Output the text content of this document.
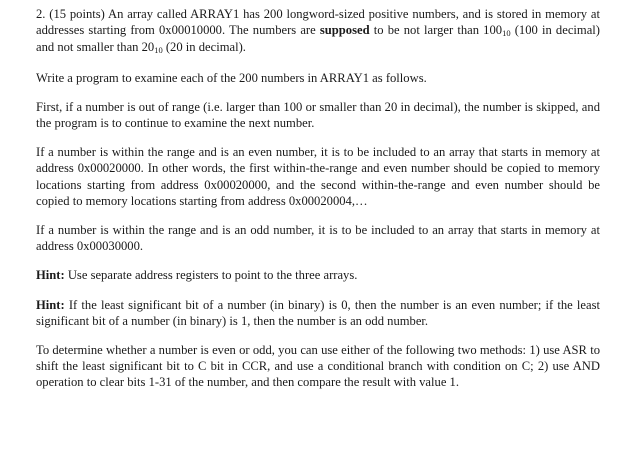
2. (15 points) An array called ARRAY1 has 200 longword-sized positive numbers, and is stored in memory at addresses starting from 0x00010000. The numbers are supposed to be not larger than $100_{10}$ (100 in decimal) and not smaller than $20_{10}$ (20 in decimal).

Write a program to examine each of the 200 numbers in ARRAY1 as follows.

First, if a number is out of range (i.e. larger than 100 or smaller than 20 in decimal), the number is skipped, and the program is to continue to examine the next number.

If a number is within the range and is an even number, it is to be included to an array that starts in memory at address 0x00020000. In other words, the first within-the-range and even number should be copied to memory locations starting from address 0x00020000, and the second within-the-range and even number should be copied to memory locations starting from address 0x00020004,…

If a number is within the range and is an odd number, it is to be included to an array that starts in memory at address 0x00030000.

Hint: Use separate address registers to point to the three arrays.

Hint: If the least significant bit of a number (in binary) is 0, then the number is an even number; if the least significant bit of a number (in binary) is 1, then the number is an odd number.

To determine whether a number is even or odd, you can use either of the following two methods: 1) use ASR to shift the least significant bit to C bit in CCR, and use a conditional branch with condition on C; 2) use AND operation to clear bits 1-31 of the number, and then compare the result with value 1.
